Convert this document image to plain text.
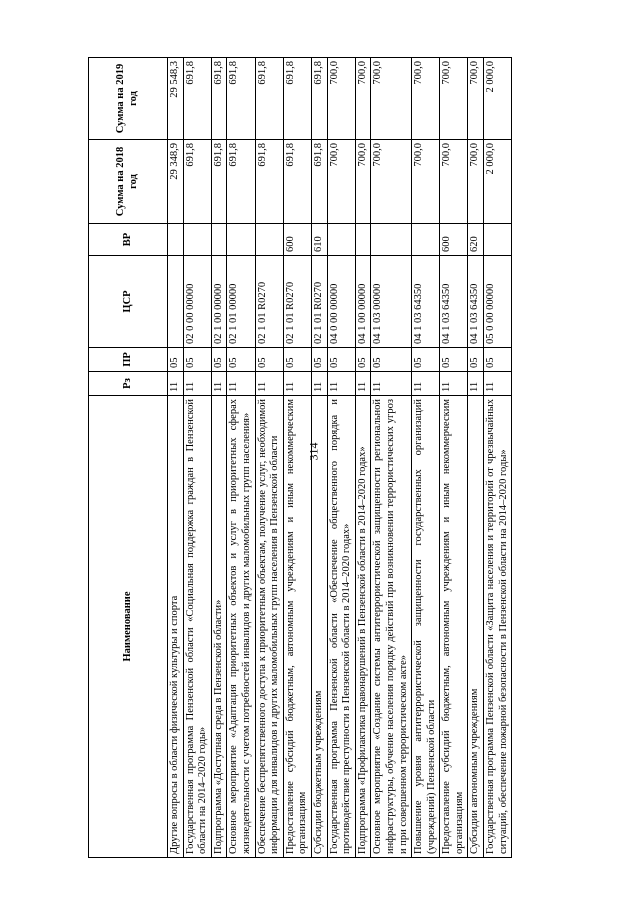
314
Наименование	Рз	ПР	ЦСР	ВР	Сумма на 2018 год	Сумма на 2019 год
Другие вопросы в области физической культуры и спорта	11	05			29 348,9	29 548,3
Государственная программа Пензенской области «Социальная поддержка граждан в Пензенской области на 2014–2020 годы»	11	05	02 0 00 00000		691,8	691,8
Подпрограмма «Доступная среда в Пензенской области»	11	05	02 1 00 00000		691,8	691,8
Основное мероприятие «Адаптация приоритетных объектов и услуг в приоритетных сферах жизнедеятельности с учетом потребностей инвалидов и других маломобильных групп населения»	11	05	02 1 01 00000		691,8	691,8
Обеспечение беспрепятственного доступа к приоритетным объектам, получение услуг, необходимой информации для инвалидов и других маломобильных групп населения в Пензенской области	11	05	02 1 01 R0270		691,8	691,8
Предоставление субсидий бюджетным, автономным учреждениям и иным некоммерческим организациям	11	05	02 1 01 R0270	600	691,8	691,8
Субсидии бюджетным учреждениям	11	05	02 1 01 R0270	610	691,8	691,8
Государственная программа Пензенской области «Обеспечение общественного порядка и противодействие преступности в Пензенской области в 2014–2020 годах»	11	05	04 0 00 00000		700,0	700,0
Подпрограмма «Профилактика правонарушений в Пензенской области в 2014–2020 годах»	11	05	04 1 00 00000		700,0	700,0
Основное мероприятие «Создание системы антитеррористической защищенности региональной инфраструктуры, обучение населения порядку действий при возникновении террористических угроз и при совершенном террористическом акте»	11	05	04 1 03 00000		700,0	700,0
Повышение уровня антитеррористической защищенности государственных организаций (учреждений) Пензенской области	11	05	04 1 03 64350		700,0	700,0
Предоставление субсидий бюджетным, автономным учреждениям и иным некоммерческим организациям	11	05	04 1 03 64350	600	700,0	700,0
Субсидии автономным учреждениям	11	05	04 1 03 64350	620	700,0	700,0
Государственная программа Пензенской области «Защита населения и территорий от чрезвычайных ситуаций, обеспечение пожарной безопасности в Пензенской области на 2014–2020 годы»	11	05	05 0 00 00000		2 000,0	2 000,0
